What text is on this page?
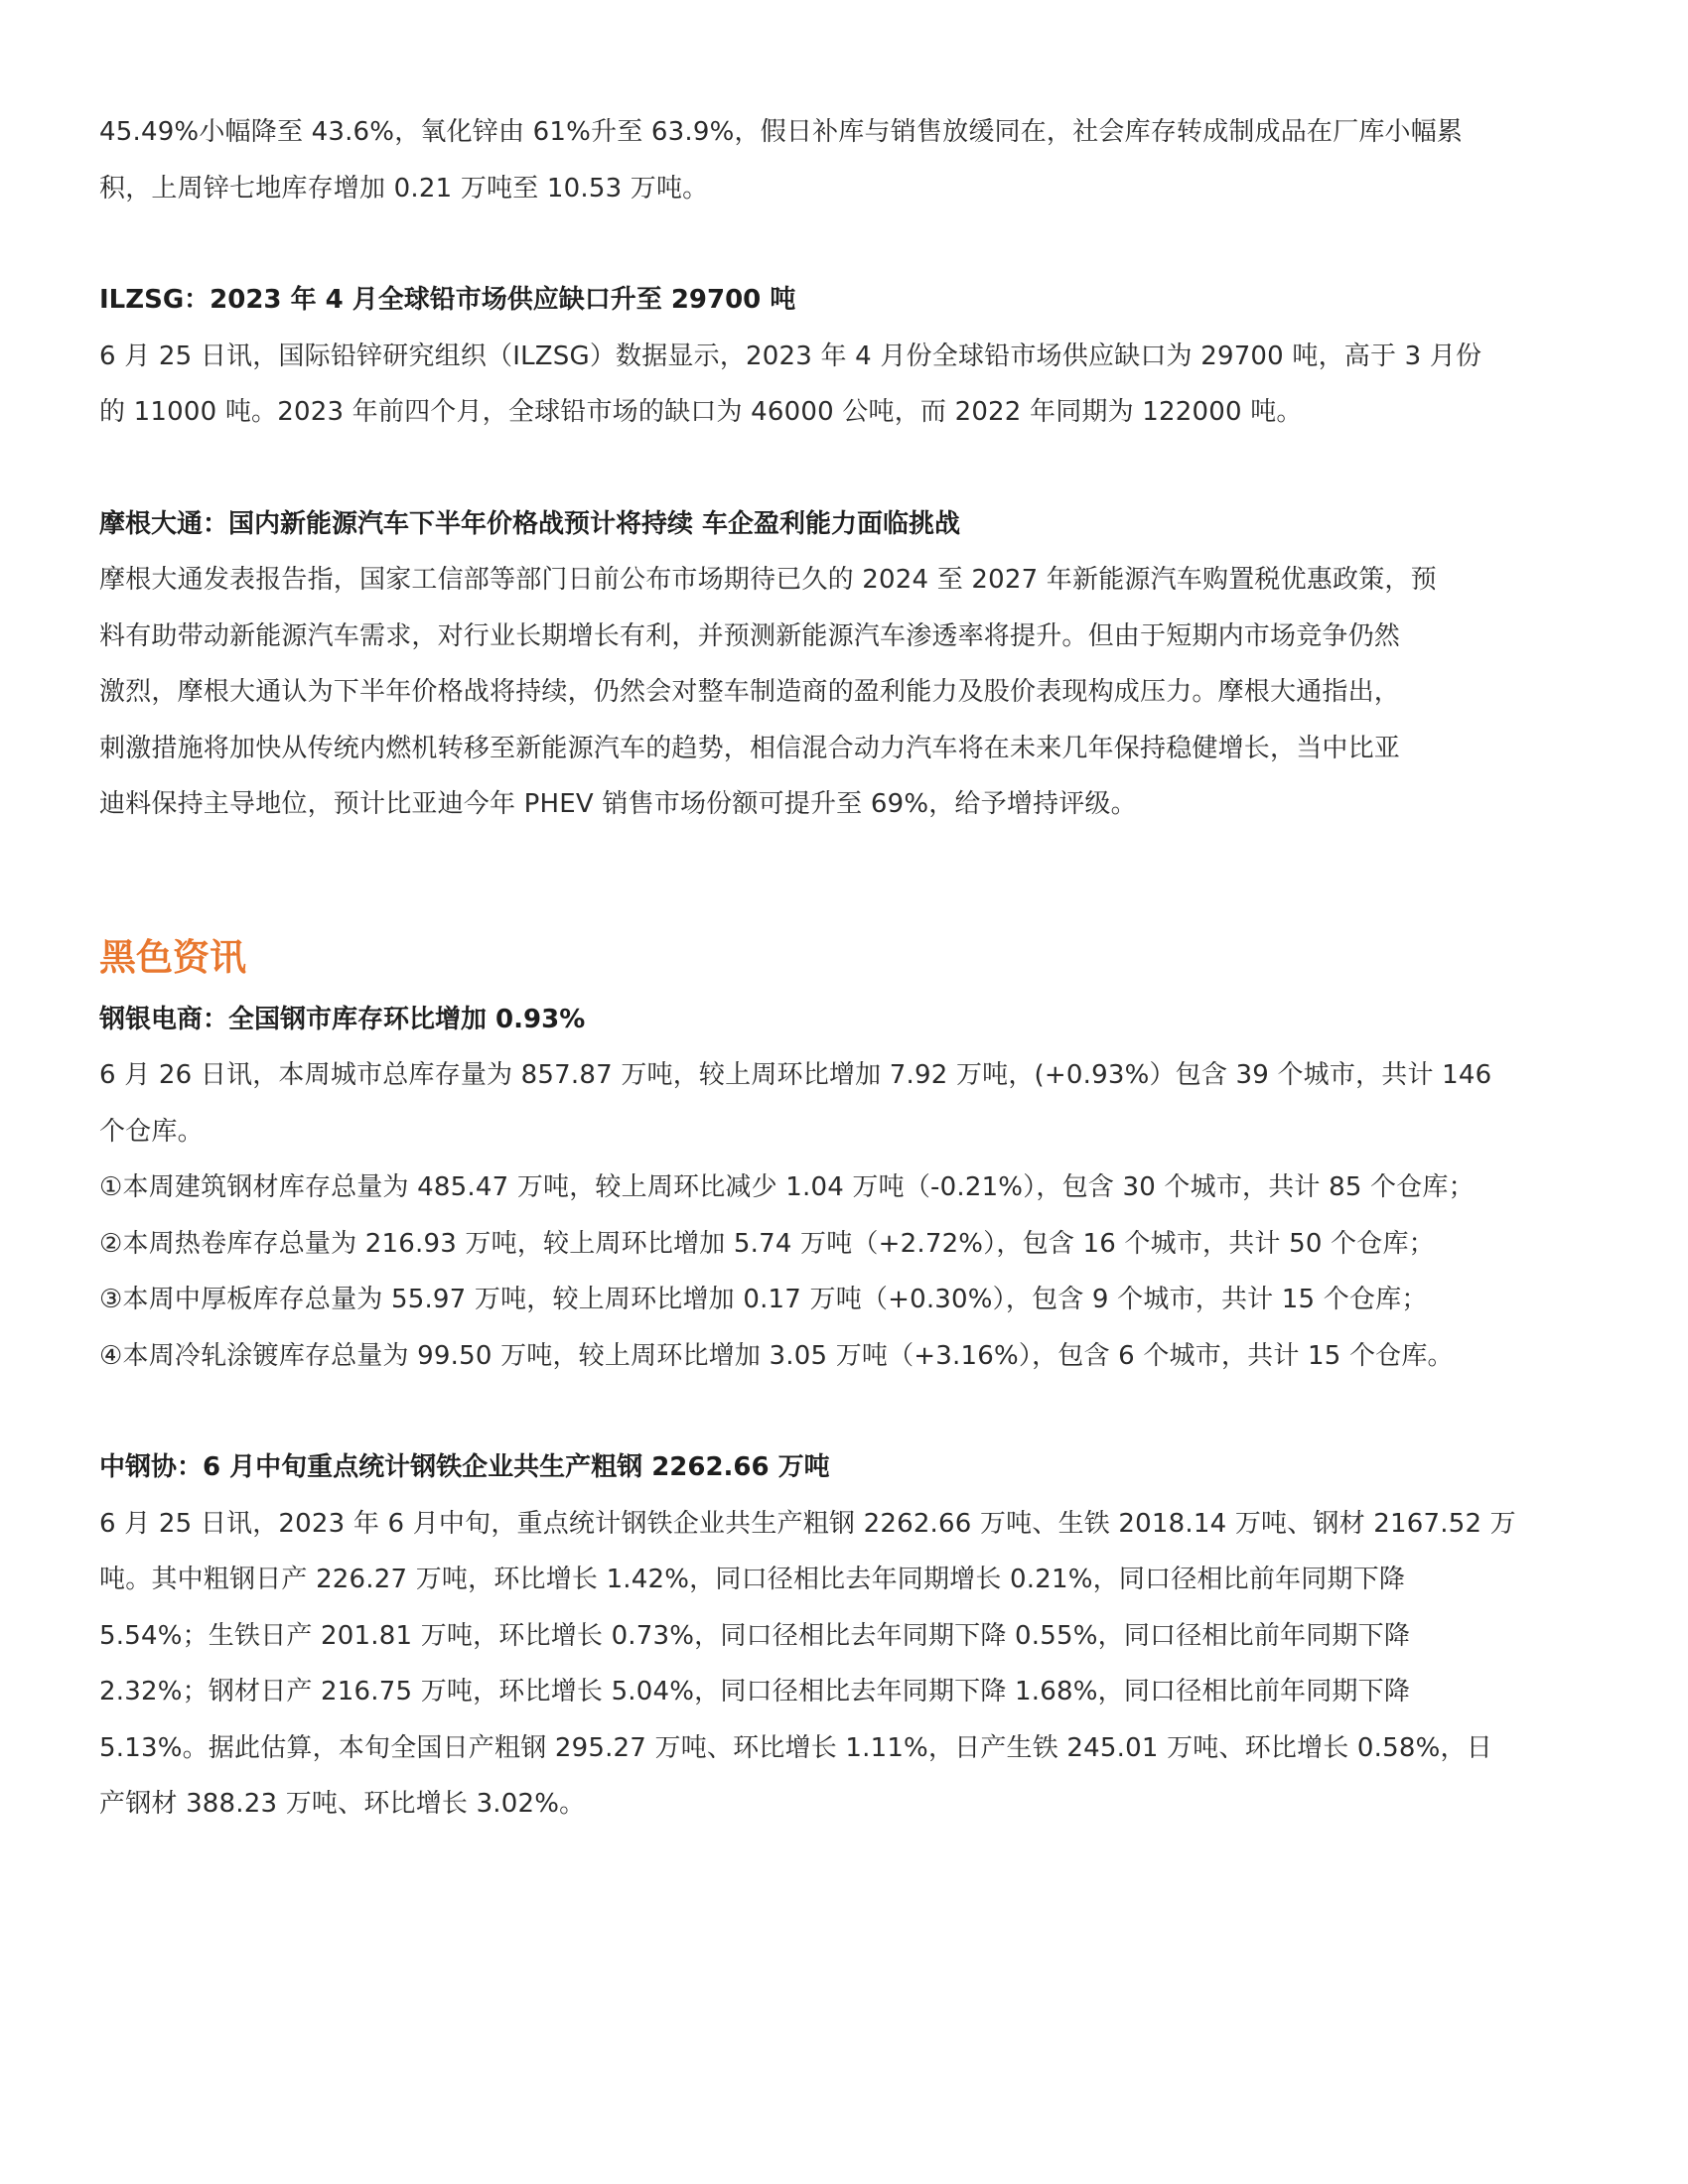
45.49%小幅降至 43.6%，氧化锌由 61%升至 63.9%，假日补库与销售放缓同在，社会库存转成制成品在厂库小幅累

积，上周锌七地库存增加 0.21 万吨至 10.53 万吨。

ILZSG：2023 年 4 月全球铅市场供应缺口升至 29700 吨

6 月 25 日讯，国际铅锌研究组织（ILZSG）数据显示，2023 年 4 月份全球铅市场供应缺口为 29700 吨，高于 3 月份

的 11000 吨。2023 年前四个月，全球铅市场的缺口为 46000 公吨，而 2022 年同期为 122000 吨。

摩根大通：国内新能源汽车下半年价格战预计将持续 车企盈利能力面临挑战

摩根大通发表报告指，国家工信部等部门日前公布市场期待已久的 2024 至 2027 年新能源汽车购置税优惠政策，预

料有助带动新能源汽车需求，对行业长期增长有利，并预测新能源汽车渗透率将提升。但由于短期内市场竞争仍然

激烈，摩根大通认为下半年价格战将持续，仍然会对整车制造商的盈利能力及股价表现构成压力。摩根大通指出，

刺激措施将加快从传统内燃机转移至新能源汽车的趋势，相信混合动力汽车将在未来几年保持稳健增长，当中比亚

迪料保持主导地位，预计比亚迪今年 PHEV 销售市场份额可提升至 69%，给予增持评级。

黑色资讯

钢银电商：全国钢市库存环比增加 0.93%

6 月 26 日讯，本周城市总库存量为 857.87 万吨，较上周环比增加 7.92 万吨，(+0.93%）包含 39 个城市，共计 146

个仓库。

①本周建筑钢材库存总量为 485.47 万吨，较上周环比减少 1.04 万吨（-0.21%），包含 30 个城市，共计 85 个仓库；

②本周热卷库存总量为 216.93 万吨，较上周环比增加 5.74 万吨（+2.72%），包含 16 个城市，共计 50 个仓库；

③本周中厚板库存总量为 55.97 万吨，较上周环比增加 0.17 万吨（+0.30%），包含 9 个城市，共计 15 个仓库；

④本周冷轧涂镀库存总量为 99.50 万吨，较上周环比增加 3.05 万吨（+3.16%），包含 6 个城市，共计 15 个仓库。

中钢协：6 月中旬重点统计钢铁企业共生产粗钢 2262.66 万吨

6 月 25 日讯，2023 年 6 月中旬，重点统计钢铁企业共生产粗钢 2262.66 万吨、生铁 2018.14 万吨、钢材 2167.52 万

吨。其中粗钢日产 226.27 万吨，环比增长 1.42%，同口径相比去年同期增长 0.21%，同口径相比前年同期下降

5.54%；生铁日产 201.81 万吨，环比增长 0.73%，同口径相比去年同期下降 0.55%，同口径相比前年同期下降

2.32%；钢材日产 216.75 万吨，环比增长 5.04%，同口径相比去年同期下降 1.68%，同口径相比前年同期下降

5.13%。据此估算，本旬全国日产粗钢 295.27 万吨、环比增长 1.11%，日产生铁 245.01 万吨、环比增长 0.58%，日

产钢材 388.23 万吨、环比增长 3.02%。
